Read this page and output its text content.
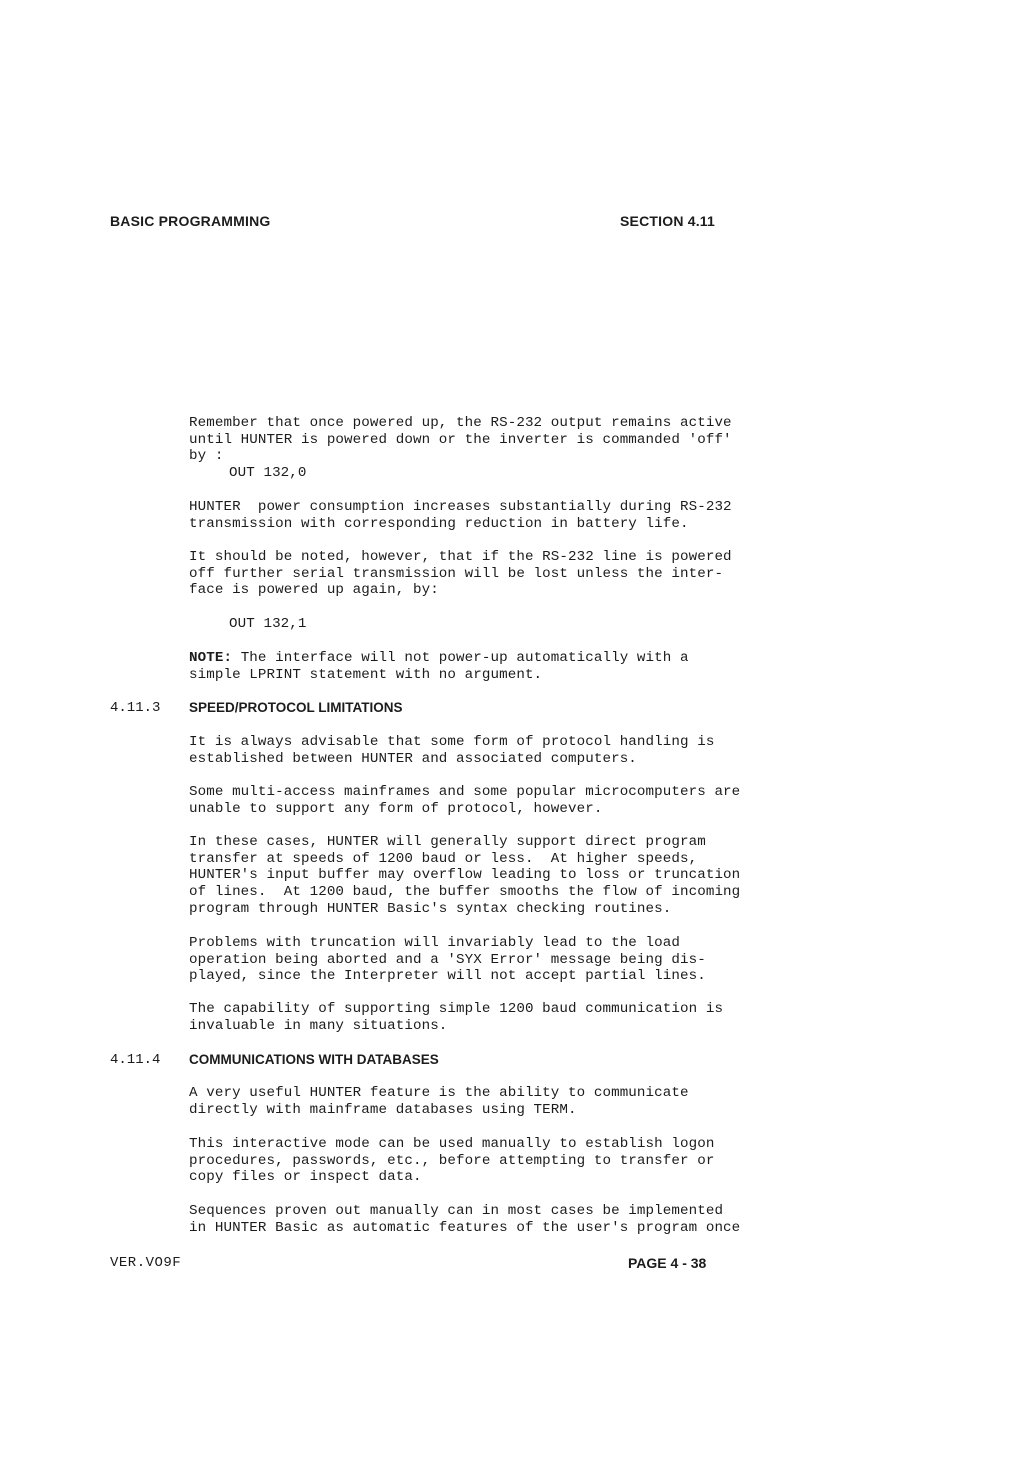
BASIC PROGRAMMING	SECTION 4.11
Remember that once powered up, the RS-232 output remains active
until HUNTER is powered down or the inverter is commanded 'off'
by :
OUT 132,0
HUNTER  power consumption increases substantially during RS-232
transmission with corresponding reduction in battery life.
It should be noted, however, that if the RS-232 line is powered
off further serial transmission will be lost unless the inter-
face is powered up again, by:
OUT 132,1
NOTE: The interface will not power-up automatically with a
simple LPRINT statement with no argument.
4.11.3 SPEED/PROTOCOL LIMITATIONS
It is always advisable that some form of protocol handling is
established between HUNTER and associated computers.
Some multi-access mainframes and some popular microcomputers are
unable to support any form of protocol, however.
In these cases, HUNTER will generally support direct program
transfer at speeds of 1200 baud or less.  At higher speeds,
HUNTER's input buffer may overflow leading to loss or truncation
of lines.  At 1200 baud, the buffer smooths the flow of incoming
program through HUNTER Basic's syntax checking routines.
Problems with truncation will invariably lead to the load
operation being aborted and a 'SYX Error' message being dis-
played, since the Interpreter will not accept partial lines.
The capability of supporting simple 1200 baud communication is
invaluable in many situations.
4.11.4 COMMUNICATIONS WITH DATABASES
A very useful HUNTER feature is the ability to communicate
directly with mainframe databases using TERM.
This interactive mode can be used manually to establish logon
procedures, passwords, etc., before attempting to transfer or
copy files or inspect data.
Sequences proven out manually can in most cases be implemented
in HUNTER Basic as automatic features of the user's program once
VER.VO9F	PAGE 4 - 38
